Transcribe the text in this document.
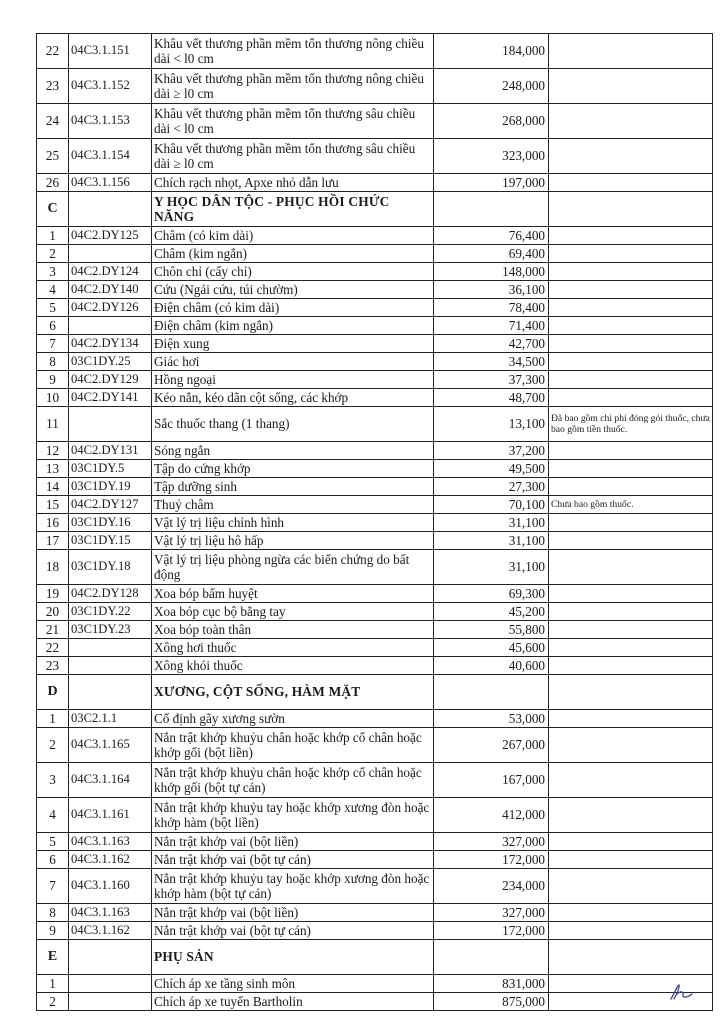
22	04C3.1.151	Khâu vết thương phần mềm tổn thương nông chiều dài < l0 cm	184,000	
23	04C3.1.152	Khâu vết thương phần mềm tổn thương nông chiều dài ≥ l0 cm	248,000	
24	04C3.1.153	Khâu vết thương phần mềm tổn thương sâu chiều dài < l0 cm	268,000	
25	04C3.1.154	Khâu vết thương phần mềm tổn thương sâu chiều dài ≥ l0 cm	323,000	
26	04C3.1.156	Chích rạch nhọt, Apxe nhỏ dẫn lưu	197,000	
C		Y HỌC DÂN TỘC - PHỤC HỒI CHỨC NĂNG		
1	04C2.DY125	Châm (có kim dài)	76,400	
2		Châm (kim ngắn)	69,400	
3	04C2.DY124	Chôn chỉ (cấy chỉ)	148,000	
4	04C2.DY140	Cứu (Ngải cứu, túi chườm)	36,100	
5	04C2.DY126	Điện châm (có kim dài)	78,400	
6		Điện châm (kim ngắn)	71,400	
7	04C2.DY134	Điện xung	42,700	
8	03C1DY.25	Giác hơi	34,500	
9	04C2.DY129	Hồng ngoại	37,300	
10	04C2.DY141	Kéo nắn, kéo dãn cột sống, các khớp	48,700	
11		Sắc thuốc thang (1 thang)	13,100	Đã bao gồm chi phí đóng gói thuốc, chưa bao gồm tiền thuốc.
12	04C2.DY131	Sóng ngắn	37,200	
13	03C1DY.5	Tập do cứng khớp	49,500	
14	03C1DY.19	Tập dưỡng sinh	27,300	
15	04C2.DY127	Thuỷ châm	70,100	Chưa bao gồm thuốc.
16	03C1DY.16	Vật lý trị liệu chỉnh hình	31,100	
17	03C1DY.15	Vật lý trị liệu hô hấp	31,100	
18	03C1DY.18	Vật lý trị liệu phòng ngừa các biến chứng do bất động	31,100	
19	04C2.DY128	Xoa bóp bấm huyệt	69,300	
20	03C1DY.22	Xoa bóp cục bộ bằng tay	45,200	
21	03C1DY.23	Xoa bóp toàn thân	55,800	
22		Xông hơi thuốc	45,600	
23		Xông khói thuốc	40,600	
D		XƯƠNG, CỘT SỐNG, HÀM MẶT		
1	03C2.1.1	Cố định gãy xương sườn	53,000	
2	04C3.1.165	Nắn trật khớp khuỷu chân hoặc khớp cổ chân hoặc khớp gối (bột liền)	267,000	
3	04C3.1.164	Nắn trật khớp khuỷu chân hoặc khớp cổ chân hoặc khớp gối (bột tự cán)	167,000	
4	04C3.1.161	Nắn trật khớp khuỷu tay hoặc khớp xương đòn hoặc khớp hàm (bột liền)	412,000	
5	04C3.1.163	Nắn trật khớp vai (bột liền)	327,000	
6	04C3.1.162	Nắn trật khớp vai (bột tự cán)	172,000	
7	04C3.1.160	Nắn trật khớp khuỷu tay hoặc khớp xương đòn hoặc khớp hàm (bột tự cán)	234,000	
8	04C3.1.163	Nắn trật khớp vai (bột liền)	327,000	
9	04C3.1.162	Nắn trật khớp vai (bột tự cán)	172,000	
E		PHỤ SẢN		
1		Chích áp xe tầng sinh môn	831,000	
2		Chích áp xe tuyến Bartholin	875,000	
